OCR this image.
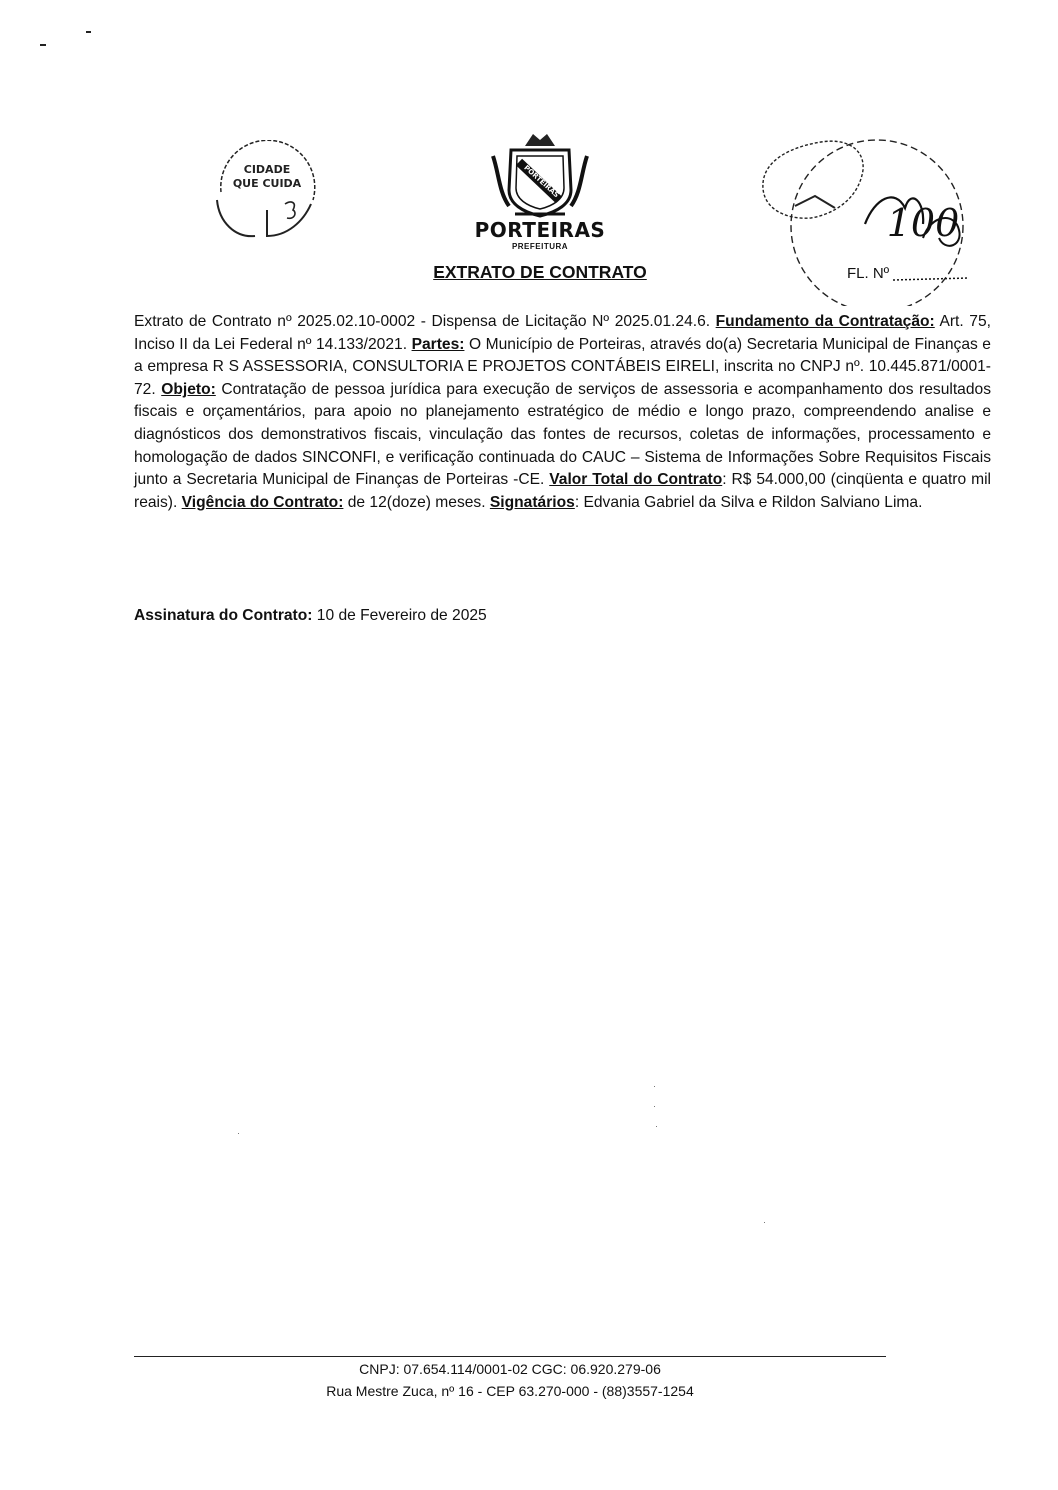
CIDADE
QUE CUIDA	PORTEIRAS
PORTEIRAS
PREFEITURA
EXTRATO DE CONTRATO
100
FL. Nº
Extrato de Contrato nº 2025.02.10-0002 - Dispensa de Licitação Nº 2025.01.24.6. Fundamento da Contratação: Art. 75, Inciso II da Lei Federal nº 14.133/2021. Partes: O Município de Porteiras, através do(a) Secretaria Municipal de Finanças e a empresa R S ASSESSORIA, CONSULTORIA E PROJETOS CONTÁBEIS EIRELI, inscrita no CNPJ nº. 10.445.871/0001-72. Objeto: Contratação de pessoa jurídica para execução de serviços de assessoria e acompanhamento dos resultados fiscais e orçamentários, para apoio no planejamento estratégico de médio e longo prazo, compreendendo analise e diagnósticos dos demonstrativos fiscais, vinculação das fontes de recursos, coletas de informações, processamento e homologação de dados SINCONFI, e verificação continuada do CAUC – Sistema de Informações Sobre Requisitos Fiscais junto a Secretaria Municipal de Finanças de Porteiras -CE. Valor Total do Contrato: R$ 54.000,00 (cinqüenta e quatro mil reais). Vigência do Contrato: de 12(doze) meses. Signatários: Edvania Gabriel da Silva e Rildon Salviano Lima.
Assinatura do Contrato: 10 de Fevereiro de 2025
CNPJ: 07.654.114/0001-02 CGC: 06.920.279-06
Rua Mestre Zuca, nº 16 - CEP 63.270-000 - (88)3557-1254
